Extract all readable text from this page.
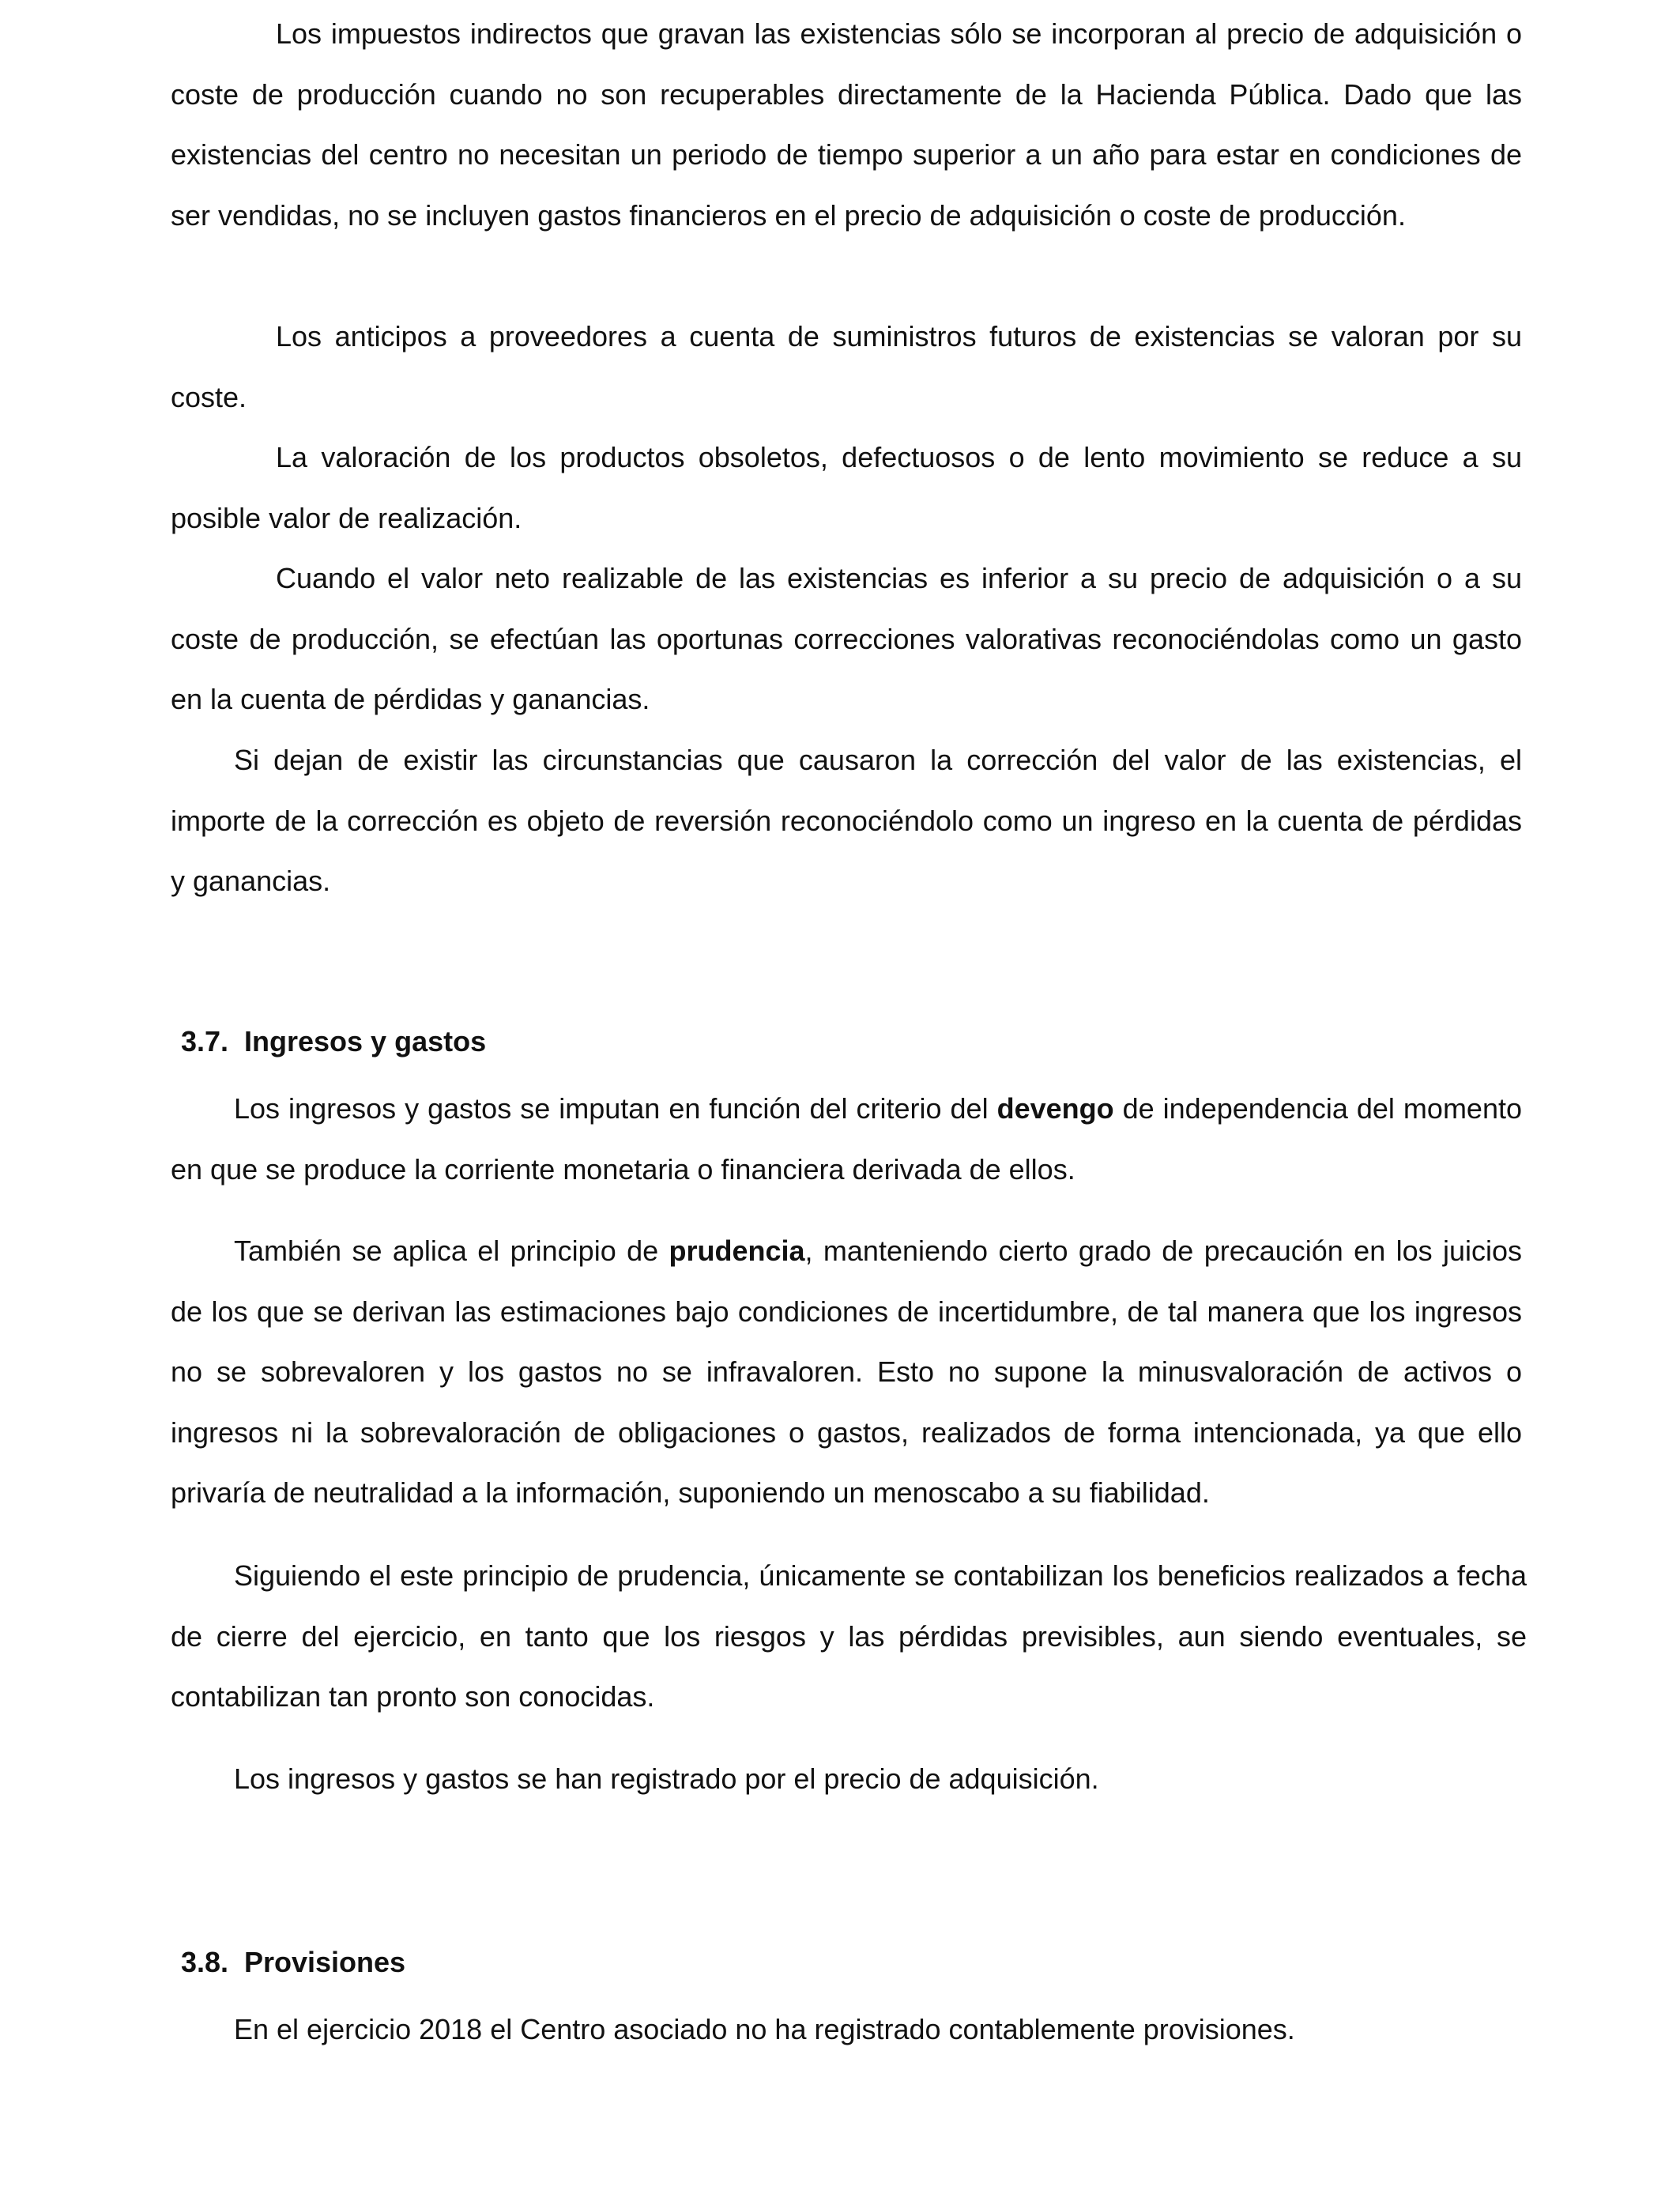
Los impuestos indirectos que gravan las existencias sólo se incorporan al precio de adquisición o coste de producción cuando no son recuperables directamente de la Hacienda Pública. Dado que las existencias del centro no necesitan un periodo de tiempo superior a un año para estar en condiciones de ser vendidas, no se incluyen gastos financieros en el precio de adquisición o coste de producción.

Los anticipos a proveedores a cuenta de suministros futuros de existencias se valoran por su coste.

La valoración de los productos obsoletos, defectuosos o de lento movimiento se reduce a su posible valor de realización.

Cuando el valor neto realizable de las existencias es inferior a su precio de adquisición o a su coste de producción, se efectúan las oportunas correcciones valorativas reconociéndolas como un gasto en la cuenta de pérdidas y ganancias.

Si dejan de existir las circunstancias que causaron la corrección del valor de las existencias, el importe de la corrección es objeto de reversión reconociéndolo como un ingreso en la cuenta de pérdidas y ganancias.

3.7. Ingresos y gastos

Los ingresos y gastos se imputan en función del criterio del devengo de independencia del momento en que se produce la corriente monetaria o financiera derivada de ellos.

También se aplica el principio de prudencia, manteniendo cierto grado de precaución en los juicios de los que se derivan las estimaciones bajo condiciones de incertidumbre, de tal manera que los ingresos no se sobrevaloren y los gastos no se infravaloren. Esto no supone la minusvaloración de activos o ingresos ni la sobrevaloración de obligaciones o gastos, realizados de forma intencionada, ya que ello privaría de neutralidad a la información, suponiendo un menoscabo a su fiabilidad.

Siguiendo el este principio de prudencia, únicamente se contabilizan los beneficios realizados a fecha de cierre del ejercicio, en tanto que los riesgos y las pérdidas previsibles, aun siendo eventuales, se contabilizan tan pronto son conocidas.

Los ingresos y gastos se han registrado por el precio de adquisición.

3.8. Provisiones

En el ejercicio 2018 el Centro asociado no ha registrado contablemente provisiones.
